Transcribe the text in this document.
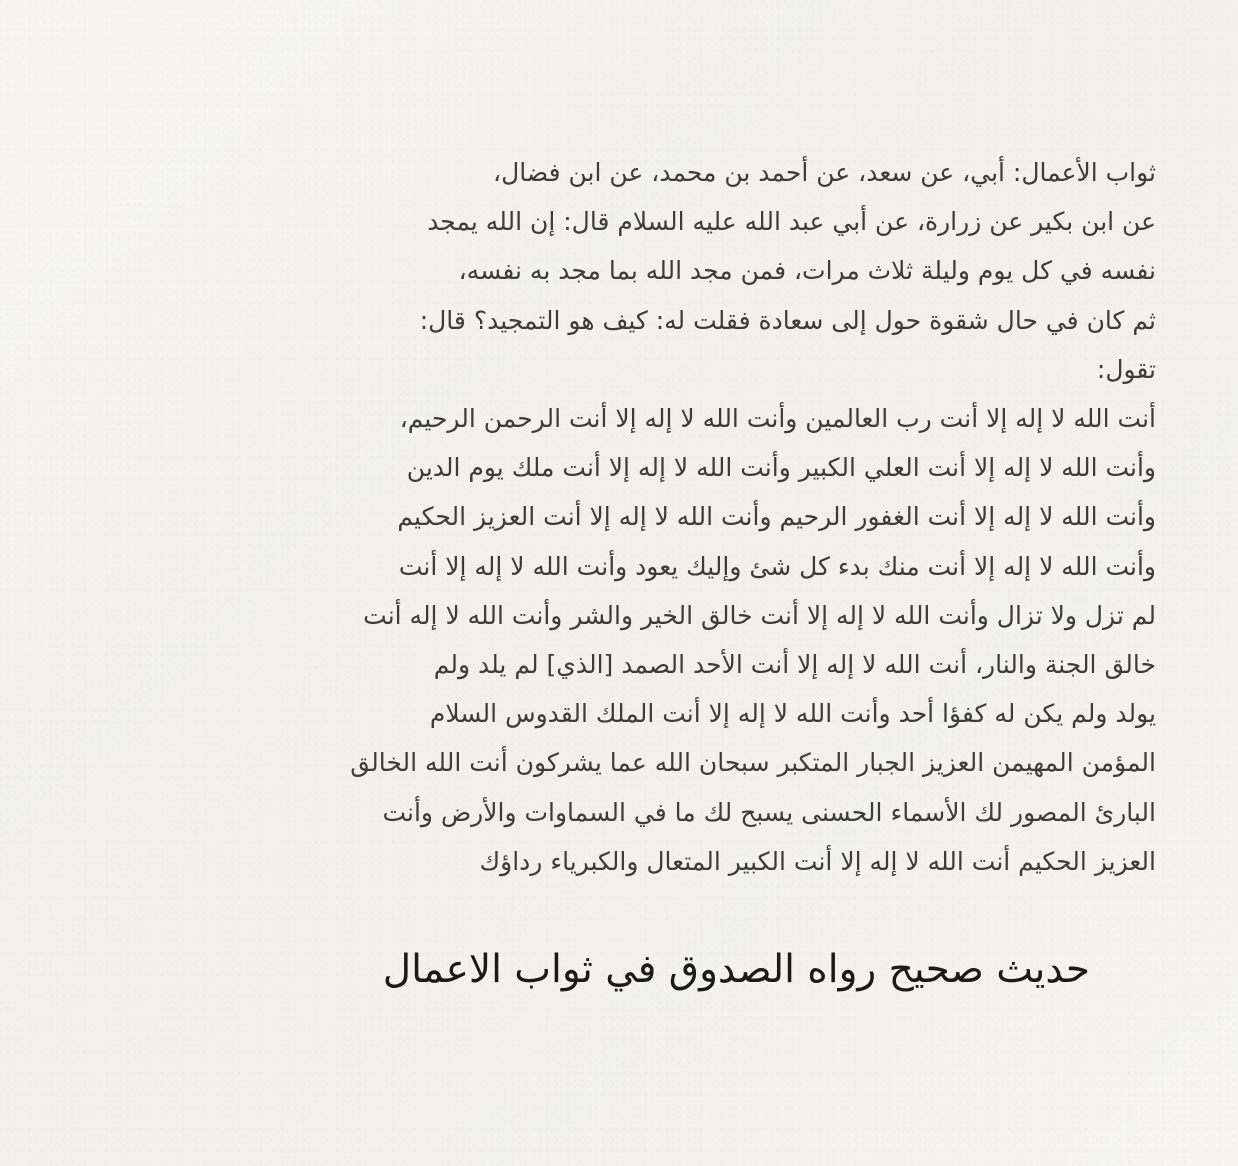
ثواب الأعمال: أبي، عن سعد، عن أحمد بن محمد، عن ابن فضال،
عن ابن بكير عن زرارة، عن أبي عبد الله عليه السلام قال: إن الله يمجد
نفسه في كل يوم وليلة ثلاث مرات، فمن مجد الله بما مجد به نفسه،
ثم كان في حال شقوة حول إلى سعادة فقلت له: كيف هو التمجيد؟ قال:
تقول:
أنت الله لا إله إلا أنت رب العالمين وأنت الله لا إله إلا أنت الرحمن الرحيم،
وأنت الله لا إله إلا أنت العلي الكبير وأنت الله لا إله إلا أنت ملك يوم الدين
وأنت الله لا إله إلا أنت الغفور الرحيم وأنت الله لا إله إلا أنت العزيز الحكيم
وأنت الله لا إله إلا أنت منك بدء كل شئ وإليك يعود وأنت الله لا إله إلا أنت
لم تزل ولا تزال وأنت الله لا إله إلا أنت خالق الخير والشر وأنت الله لا إله أنت
خالق الجنة والنار، أنت الله لا إله إلا أنت الأحد الصمد [الذي] لم يلد ولم
يولد ولم يكن له كفؤا أحد وأنت الله لا إله إلا أنت الملك القدوس السلام
المؤمن المهيمن العزيز الجبار المتكبر سبحان الله عما يشركون أنت الله الخالق
البارئ المصور لك الأسماء الحسنى يسبح لك ما في السماوات والأرض وأنت
العزيز الحكيم أنت الله لا إله إلا أنت الكبير المتعال والكبرياء رداؤك
حديث صحيح رواه الصدوق في ثواب الاعمال
